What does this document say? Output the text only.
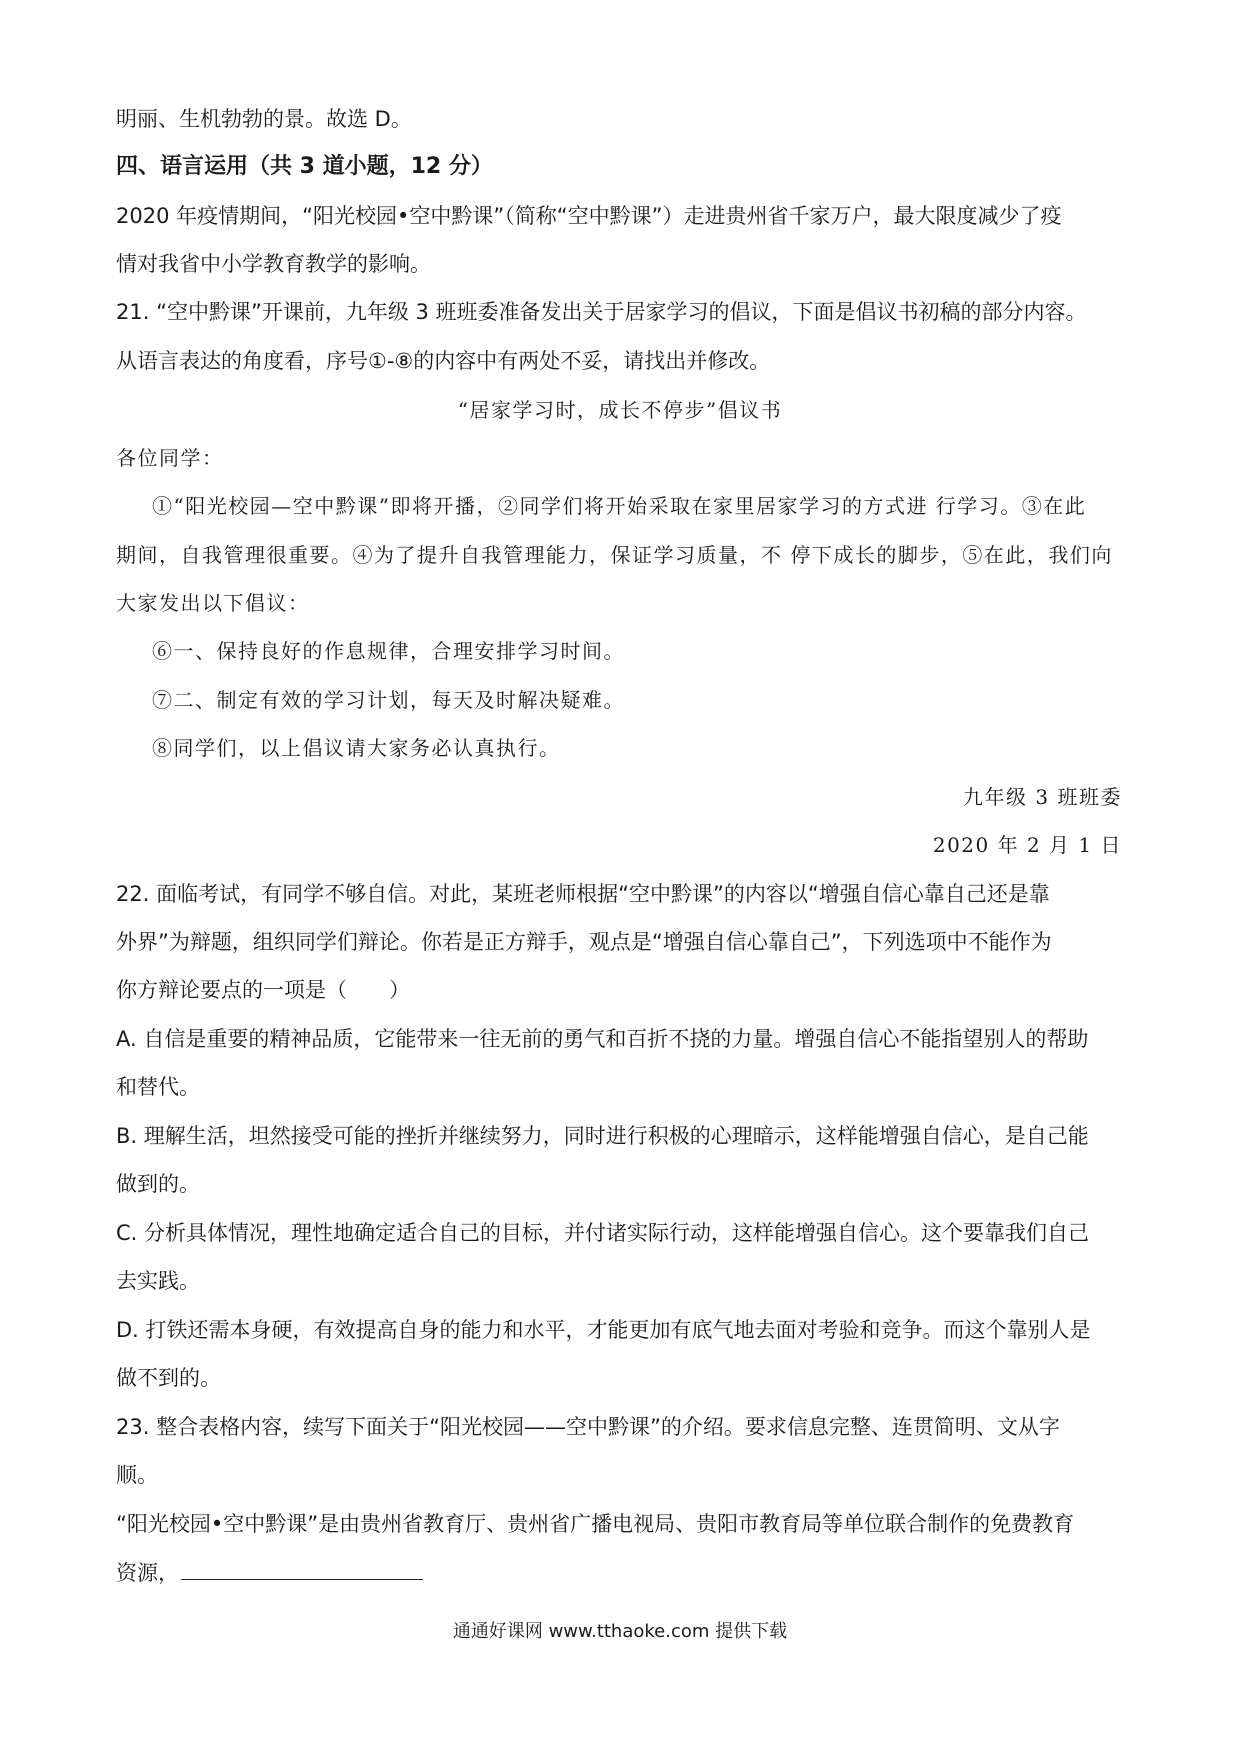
明丽、生机勃勃的景。故选 D。
四、语言运用（共 3 道小题，12 分）
2020 年疫情期间，“阳光校园•空中黔课”（简称“空中黔课”）走进贵州省千家万户，最大限度减少了疫
情对我省中小学教育教学的影响。
21. “空中黔课”开课前，九年级 3 班班委准备发出关于居家学习的倡议，下面是倡议书初稿的部分内容。
从语言表达的角度看，序号①-⑧的内容中有两处不妥，请找出并修改。
“居家学习时，成长不停步”倡议书
各位同学：
①“阳光校园—空中黔课”即将开播，②同学们将开始采取在家里居家学习的方式进 行学习。③在此
期间，自我管理很重要。④为了提升自我管理能力，保证学习质量，不 停下成长的脚步，⑤在此，我们向
大家发出以下倡议：
⑥一、保持良好的作息规律，合理安排学习时间。
⑦二、制定有效的学习计划，每天及时解决疑难。
⑧同学们，以上倡议请大家务必认真执行。
九年级 3 班班委
2020 年 2 月 1 日
22. 面临考试，有同学不够自信。对此，某班老师根据“空中黔课”的内容以“增强自信心靠自己还是靠
外界”为辩题，组织同学们辩论。你若是正方辩手，观点是“增强自信心靠自己”，下列选项中不能作为
你方辩论要点的一项是（　　）
A. 自信是重要的精神品质，它能带来一往无前的勇气和百折不挠的力量。增强自信心不能指望别人的帮助
和替代。
B. 理解生活，坦然接受可能的挫折并继续努力，同时进行积极的心理暗示，这样能增强自信心，是自己能
做到的。
C. 分析具体情况，理性地确定适合自己的目标，并付诸实际行动，这样能增强自信心。这个要靠我们自己
去实践。
D. 打铁还需本身硬，有效提高自身的能力和水平，才能更加有底气地去面对考验和竞争。而这个靠别人是
做不到的。
23. 整合表格内容，续写下面关于“阳光校园——空中黔课”的介绍。要求信息完整、连贯简明、文从字
顺。
“阳光校园•空中黔课”是由贵州省教育厅、贵州省广播电视局、贵阳市教育局等单位联合制作的免费教育
资源，
通通好课网 www.tthaoke.com 提供下载
